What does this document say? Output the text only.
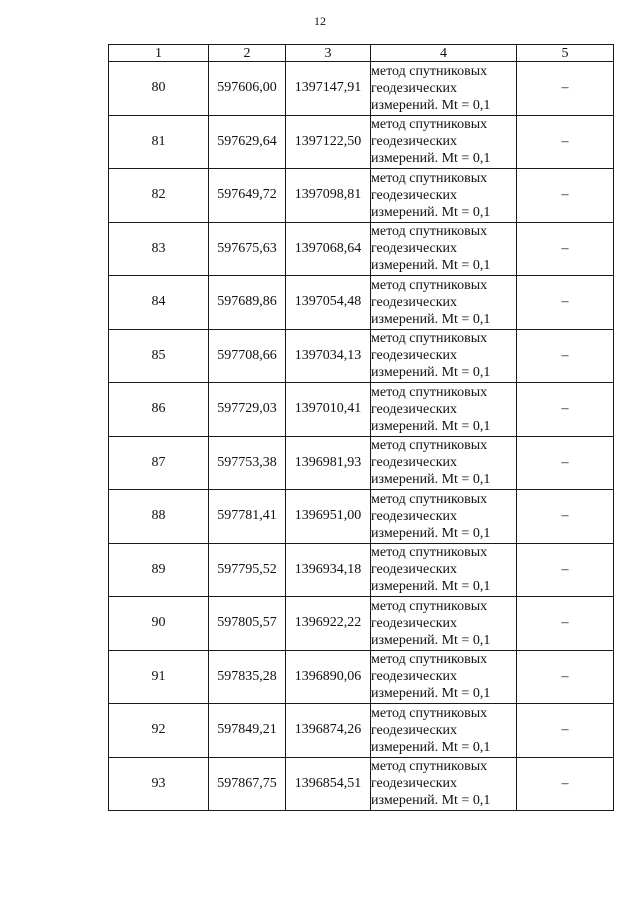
12
1	2	3	4	5
80	597606,00	1397147,91	метод спутниковых
геодезических
измерений. Mt = 0,1	–
81	597629,64	1397122,50	метод спутниковых
геодезических
измерений. Mt = 0,1	–
82	597649,72	1397098,81	метод спутниковых
геодезических
измерений. Mt = 0,1	–
83	597675,63	1397068,64	метод спутниковых
геодезических
измерений. Mt = 0,1	–
84	597689,86	1397054,48	метод спутниковых
геодезических
измерений. Mt = 0,1	–
85	597708,66	1397034,13	метод спутниковых
геодезических
измерений. Mt = 0,1	–
86	597729,03	1397010,41	метод спутниковых
геодезических
измерений. Mt = 0,1	–
87	597753,38	1396981,93	метод спутниковых
геодезических
измерений. Mt = 0,1	–
88	597781,41	1396951,00	метод спутниковых
геодезических
измерений. Mt = 0,1	–
89	597795,52	1396934,18	метод спутниковых
геодезических
измерений. Mt = 0,1	–
90	597805,57	1396922,22	метод спутниковых
геодезических
измерений. Mt = 0,1	–
91	597835,28	1396890,06	метод спутниковых
геодезических
измерений. Mt = 0,1	–
92	597849,21	1396874,26	метод спутниковых
геодезических
измерений. Mt = 0,1	–
93	597867,75	1396854,51	метод спутниковых
геодезических
измерений. Mt = 0,1	–
